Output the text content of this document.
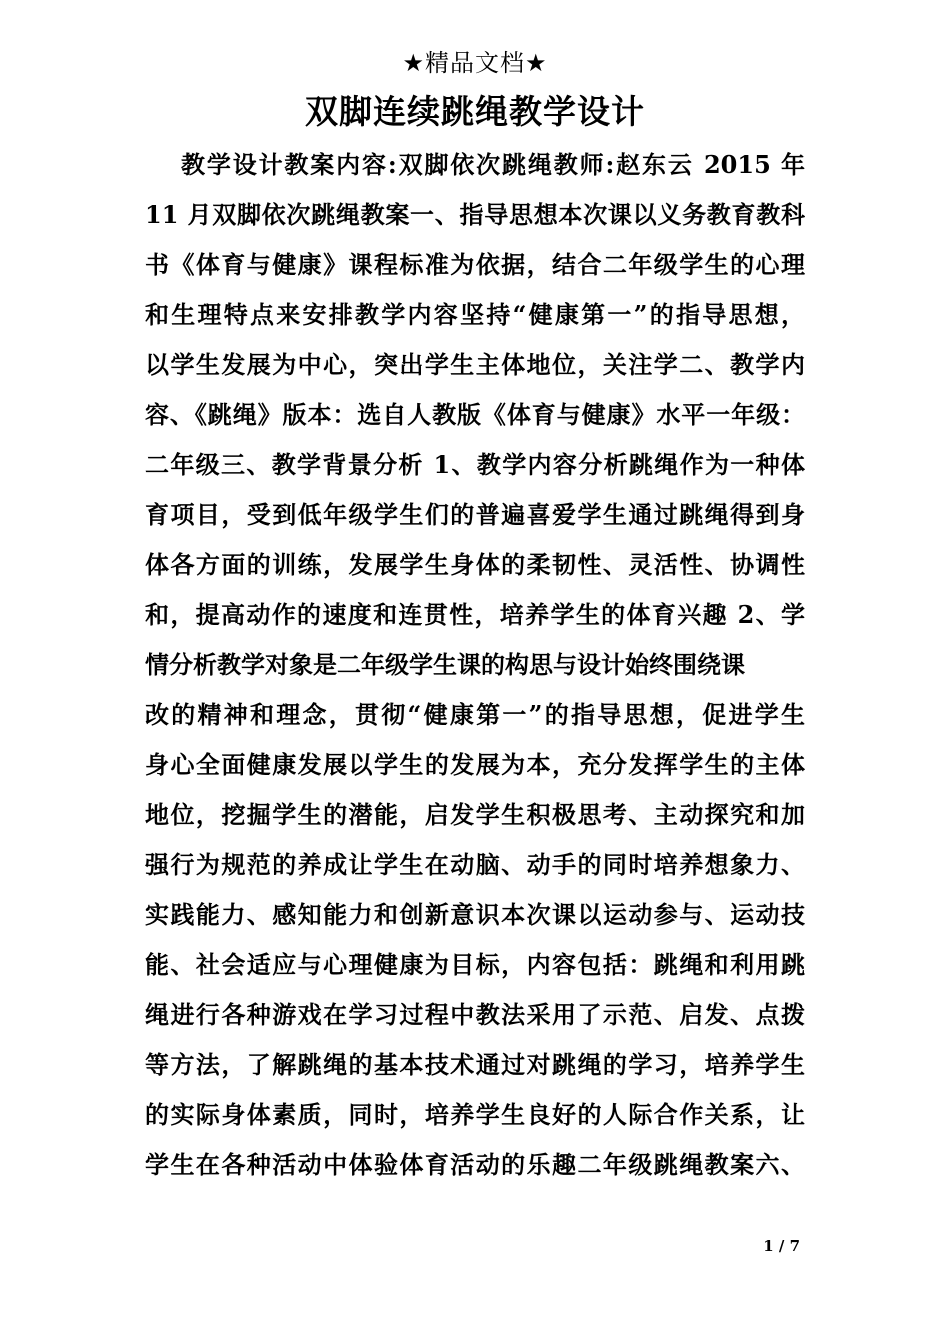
★精品文档★
双脚连续跳绳教学设计
教学设计教案内容:双脚依次跳绳教师:赵东云 2015 年
11 月双脚依次跳绳教案一、指导思想本次课以义务教育教科
书《体育与健康》课程标准为依据，结合二年级学生的心理
和生理特点来安排教学内容坚持“健康第一”的指导思想，
以学生发展为中心，突出学生主体地位，关注学二、教学内
容、《跳绳》版本：选自人教版《体育与健康》水平一年级：
二年级三、教学背景分析 1、教学内容分析跳绳作为一种体
育项目，受到低年级学生们的普遍喜爱学生通过跳绳得到身
体各方面的训练，发展学生身体的柔韧性、灵活性、协调性
和，提高动作的速度和连贯性，培养学生的体育兴趣 2、学
情分析教学对象是二年级学生课的构思与设计始终围绕课
改的精神和理念，贯彻“健康第一”的指导思想，促进学生
身心全面健康发展以学生的发展为本，充分发挥学生的主体
地位，挖掘学生的潜能，启发学生积极思考、主动探究和加
强行为规范的养成让学生在动脑、动手的同时培养想象力、
实践能力、感知能力和创新意识本次课以运动参与、运动技
能、社会适应与心理健康为目标，内容包括：跳绳和利用跳
绳进行各种游戏在学习过程中教法采用了示范、启发、点拨
等方法，了解跳绳的基本技术通过对跳绳的学习，培养学生
的实际身体素质，同时，培养学生良好的人际合作关系，让
学生在各种活动中体验体育活动的乐趣二年级跳绳教案六、
1 / 7
